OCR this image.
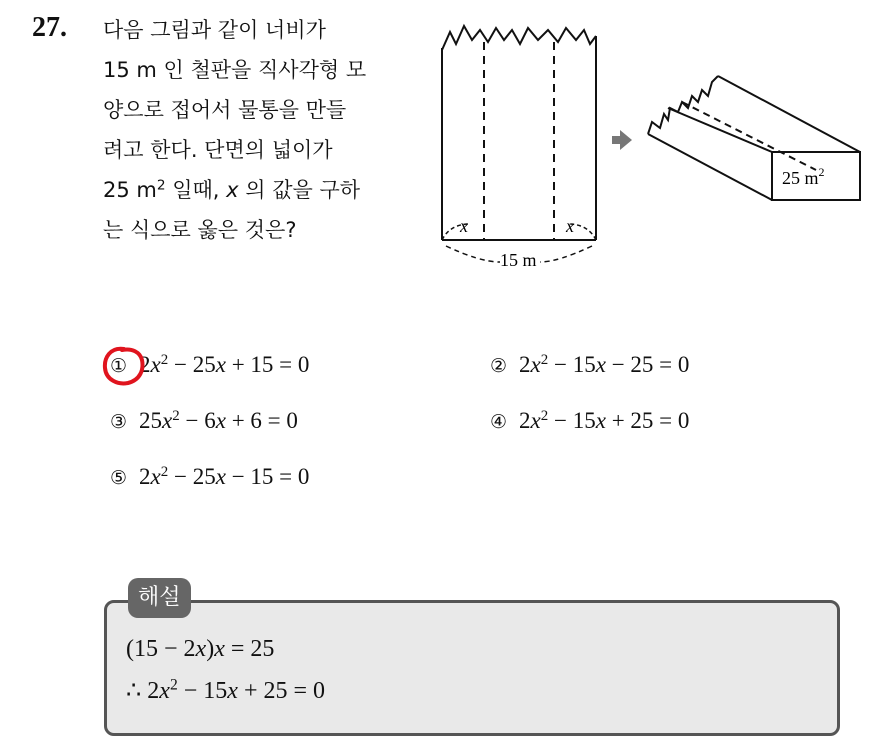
27. 다음 그림과 같이 너비가
15 m 인 철판을 직사각형 모
양으로 접어서 물통을 만들
려고 한다. 단면의 넓이가
25 $m^2$ 일때, x 의 값을 구하
는 식으로 옳은 것은?	x	x
15 m
25 $m^2$
① $2x^2 - 25x + 15 = 0$	② $2x^2 - 15x - 25 = 0$
③ $25x^2 - 6x + 6 = 0$	④ $2x^2 - 15x + 25 = 0$
⑤ $2x^2 - 25x - 15 = 0$
해설
(15 − 2x)x = 25
∴ $2x^2 - 15x + 25 = 0$
